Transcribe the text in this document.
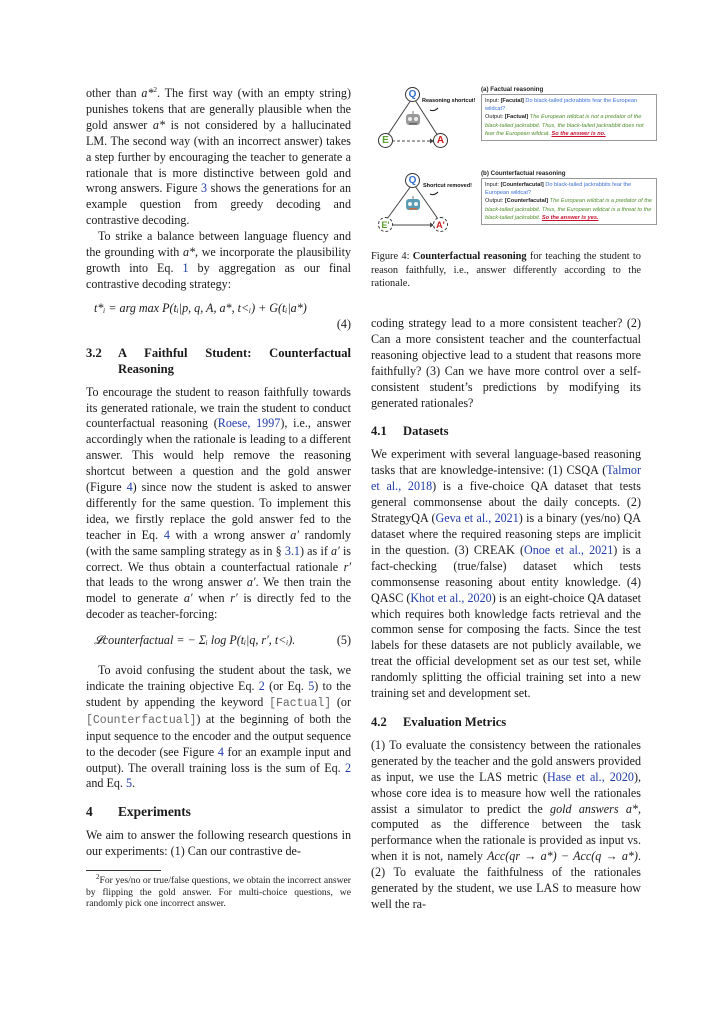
other than a*$^2$. The first way (with an empty string) punishes tokens that are generally plausible when the gold answer a* is not considered by a hallucinated LM. The second way (with an incorrect answer) takes a step further by encouraging the teacher to generate a rationale that is more distinctive between gold and wrong answers. Figure 3 shows the generations for an example question from greedy decoding and contrastive decoding.

To strike a balance between language fluency and the grounding with a*, we incorporate the plausibility growth into Eq. 1 by aggregation as our final contrastive decoding strategy:

t*ᵢ = arg max P(tᵢ|p, q, A, a*, t<ᵢ) + G(tᵢ|a*)
(4)
3.2	A Faithful Student: Counterfactual Reasoning

To encourage the student to reason faithfully towards its generated rationale, we train the student to conduct counterfactual reasoning (Roese, 1997), i.e., answer accordingly when the rationale is leading to a different answer. This would help remove the reasoning shortcut between a question and the gold answer (Figure 4) since now the student is asked to answer differently for the same question. To implement this idea, we firstly replace the gold answer fed to the teacher in Eq. 4 with a wrong answer a′ randomly (with the same sampling strategy as in § 3.1) as if a′ is correct. We thus obtain a counterfactual rationale r′ that leads to the wrong answer a′. We then train the model to generate a′ when r′ is directly fed to the decoder as teacher-forcing:

𝓛counterfactual = − Σᵢ log P(tᵢ|q, r′, t<ᵢ).	(5)

To avoid confusing the student about the task, we indicate the training objective Eq. 2 (or Eq. 5) to the student by appending the keyword [Factual] (or [Counterfactual]) at the beginning of both the input sequence to the encoder and the output sequence to the decoder (see Figure 4 for an example input and output). The overall training loss is the sum of Eq. 2 and Eq. 5.

4	Experiments

We aim to answer the following research questions in our experiments: (1) Can our contrastive de-

$^2$For yes/no or true/false questions, we obtain the incorrect answer by flipping the gold answer. For multi-choice questions, we randomly pick one incorrect answer.
Q
E	A
Reasoning shortcut!
Q
E'	A'
Shortcut removed!
(a) Factual reasoning
Input: [Facutal] Do black-tailed jackrabbits fear the European wildcat?
Output: [Factual] The European wildcat is not a predator of the black-tailed jackrabbit. Thus, the black-tailed jackrabbit does not fear the European wildcat. So the answer is no.
(b) Counterfactual reasoning
Input: [Counterfacutal] Do black-tailed jackrabbits fear the European wildcat?
Output: [Counterfacutal] The European wildcat is a predator of the black-tailed jackrabbit. Thus, the European wildcat is a threat to the black-tailed jackrabbit. So the answer is yes.
Figure 4: Counterfactual reasoning for teaching the student to reason faithfully, i.e., answer differently according to the rationale.

coding strategy lead to a more consistent teacher? (2) Can a more consistent teacher and the counterfactual reasoning objective lead to a student that reasons more faithfully? (3) Can we have more control over a self-consistent student’s predictions by modifying its generated rationales?

4.1	Datasets

We experiment with several language-based reasoning tasks that are knowledge-intensive: (1) CSQA (Talmor et al., 2018) is a five-choice QA dataset that tests general commonsense about the daily concepts. (2) StrategyQA (Geva et al., 2021) is a binary (yes/no) QA dataset where the required reasoning steps are implicit in the question. (3) CREAK (Onoe et al., 2021) is a fact-checking (true/false) dataset which tests commonsense reasoning about entity knowledge. (4) QASC (Khot et al., 2020) is an eight-choice QA dataset which requires both knowledge facts retrieval and the common sense for composing the facts. Since the test labels for these datasets are not publicly available, we treat the official development set as our test set, while randomly splitting the official training set into a new training set and development set.

4.2	Evaluation Metrics

(1) To evaluate the consistency between the rationales generated by the teacher and the gold answers provided as input, we use the LAS metric (Hase et al., 2020), whose core idea is to measure how well the rationales assist a simulator to predict the gold answers a*, computed as the difference between the task performance when the rationale is provided as input vs. when it is not, namely Acc(qr → a*) − Acc(q → a*). (2) To evaluate the faithfulness of the rationales generated by the student, we use LAS to measure how well the ra-
